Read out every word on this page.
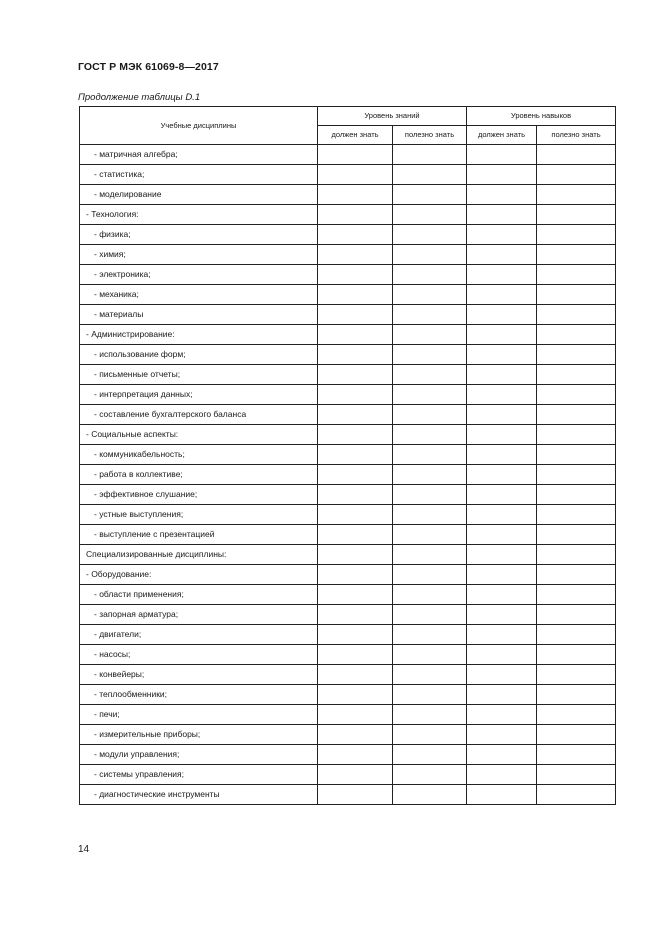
ГОСТ Р МЭК 61069-8—2017
Продолжение таблицы D.1
Учебные дисциплины	Уровень знаний		Уровень навыков	
	должен знать	полезно знать	должен знать	полезно знать
- матричная алгебра;				
- статистика;				
- моделирование				
- Технология:				
- физика;				
- химия;				
- электроника;				
- механика;				
- материалы				
- Администрирование:				
- использование форм;				
- письменные отчеты;				
- интерпретация данных;				
- составление бухгалтерского баланса				
- Социальные аспекты:				
- коммуникабельность;				
- работа в коллективе;				
- эффективное слушание;				
- устные выступления;				
- выступление с презентацией				
Специализированные дисциплины:				
- Оборудование:				
- области применения;				
- запорная арматура;				
- двигатели;				
- насосы;				
- конвейеры;				
- теплообменники;				
- печи;				
- измерительные приборы;				
- модули управления;				
- системы управления;				
- диагностические инструменты				
14
